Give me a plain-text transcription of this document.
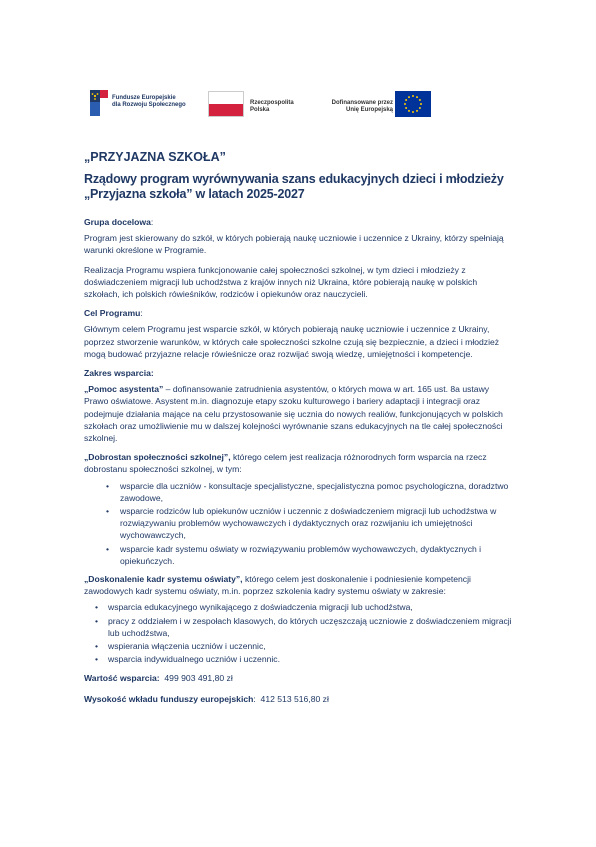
Fundusze Europejskie
dla Rozwoju Społecznego	Rzeczpospolita
Polska
Dofinansowane przez
Unię Europejską
„PRZYJAZNA SZKOŁA”
Rządowy program wyrównywania szans edukacyjnych dzieci i młodzieży „Przyjazna szkoła” w latach 2025-2027
Grupa docelowa:

Program jest skierowany do szkół, w których pobierają naukę uczniowie i uczennice z Ukrainy, którzy spełniają warunki określone w Programie.

Realizacja Programu wspiera funkcjonowanie całej społeczności szkolnej, w tym dzieci i młodzieży z doświadczeniem migracji lub uchodźstwa z krajów innych niż Ukraina, które pobierają naukę w polskich szkołach, ich polskich rówieśników, rodziców i opiekunów oraz nauczycieli.

Cel Programu:

Głównym celem Programu jest wsparcie szkół, w których pobierają naukę uczniowie i uczennice z Ukrainy, poprzez stworzenie warunków, w których całe społeczności szkolne czują się bezpiecznie, a dzieci i młodzież mogą budować przyjazne relacje rówieśnicze oraz rozwijać swoją wiedzę, umiejętności i kompetencje.

Zakres wsparcia:

„Pomoc asystenta” – dofinansowanie zatrudnienia asystentów, o których mowa w art. 165 ust. 8a ustawy Prawo oświatowe. Asystent m.in. diagnozuje etapy szoku kulturowego i bariery adaptacji i integracji oraz podejmuje działania mające na celu przystosowanie się ucznia do nowych realiów, funkcjonujących w polskich szkołach oraz umożliwienie mu w dalszej kolejności wyrównanie szans edukacyjnych na tle całej społeczności szkolnej.

„Dobrostan społeczności szkolnej”, którego celem jest realizacja różnorodnych form wsparcia na rzecz dobrostanu społeczności szkolnej, w tym:

• wsparcie dla uczniów - konsultacje specjalistyczne, specjalistyczna pomoc psychologiczna, doradztwo zawodowe,
• wsparcie rodziców lub opiekunów uczniów i uczennic z doświadczeniem migracji lub uchodźstwa w rozwiązywaniu problemów wychowawczych i dydaktycznych oraz rozwijaniu ich umiejętności wychowawczych,
• wsparcie kadr systemu oświaty w rozwiązywaniu problemów wychowawczych, dydaktycznych i opiekuńczych.

„Doskonalenie kadr systemu oświaty”, którego celem jest doskonalenie i podniesienie kompetencji zawodowych kadr systemu oświaty, m.in. poprzez szkolenia kadry systemu oświaty w zakresie:

• wsparcia edukacyjnego wynikającego z doświadczenia migracji lub uchodźstwa,
• pracy z oddziałem i w zespołach klasowych, do których uczęszczają uczniowie z doświadczeniem migracji lub uchodźstwa,
• wspierania włączenia uczniów i uczennic,
• wsparcia indywidualnego uczniów i uczennic.
Wartość wsparcia: 499 903 491,80 zł
Wysokość wkładu funduszy europejskich: 412 513 516,80 zł
